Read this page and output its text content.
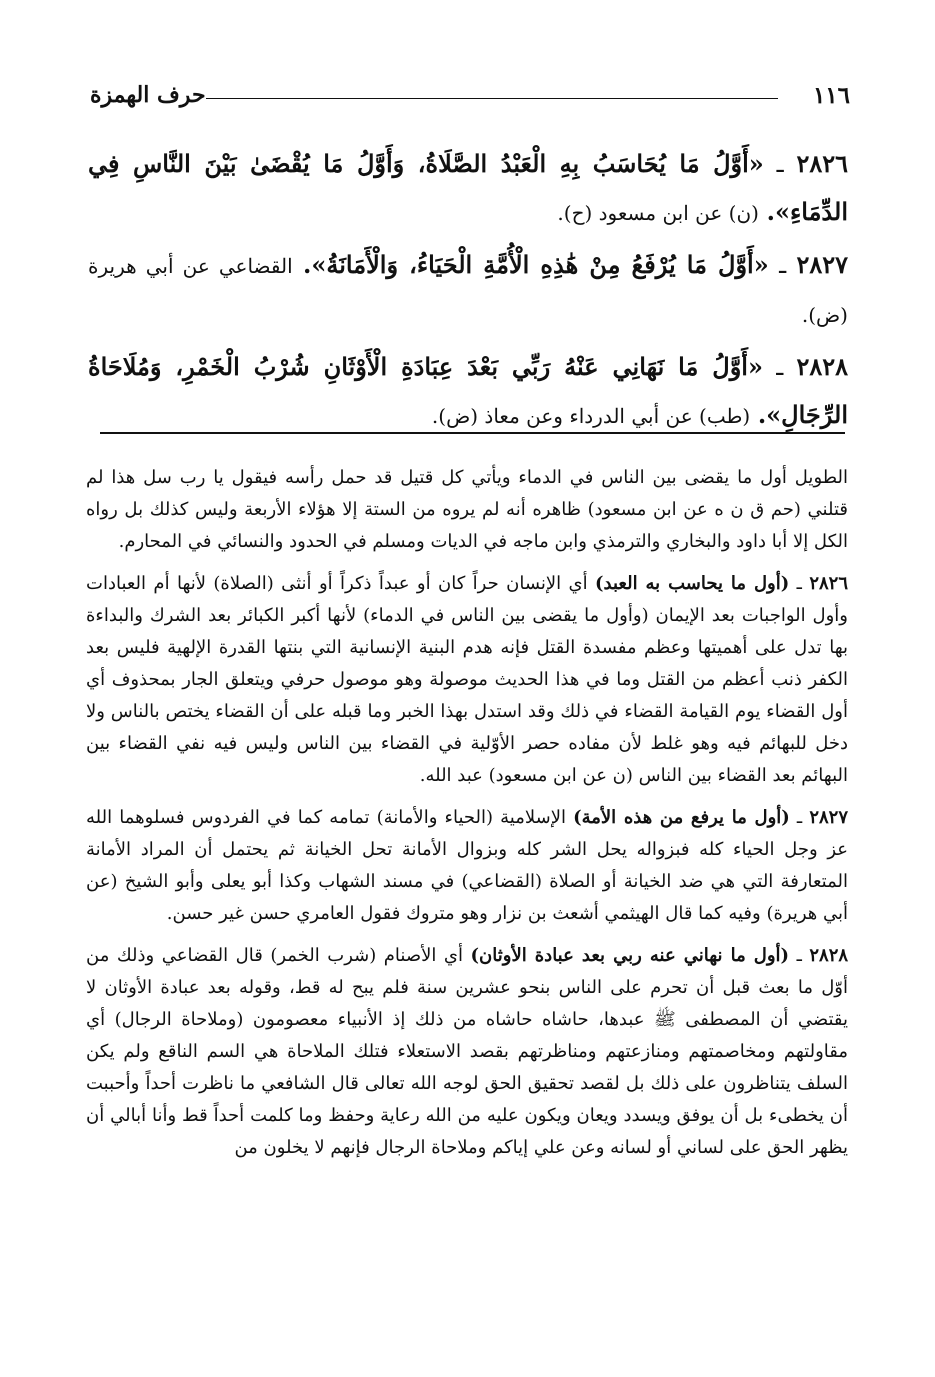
١١٦
حرف الهمزة
٢٨٢٦ ـ «أَوَّلُ مَا يُحَاسَبُ بِهِ الْعَبْدُ الصَّلَاةُ، وَأَوَّلُ مَا يُقْضَىٰ بَيْنَ النَّاسِ فِي الدِّمَاءِ». (ن) عن ابن مسعود (ح).
٢٨٢٧ ـ «أَوَّلُ مَا يُرْفَعُ مِنْ هَٰذِهِ الْأُمَّةِ الْحَيَاءُ، وَالْأَمَانَةُ». القضاعي عن أبي هريرة (ض).
٢٨٢٨ ـ «أَوَّلُ مَا نَهَانِي عَنْهُ رَبِّي بَعْدَ عِبَادَةِ الْأَوْثَانِ شُرْبُ الْخَمْرِ، وَمُلَاحَاةُ الرِّجَالِ». (طب) عن أبي الدرداء وعن معاذ (ض).

الطويل أول ما يقضى بين الناس في الدماء ويأتي كل قتيل قد حمل رأسه فيقول يا رب سل هذا لم قتلني (حم ق ن ه عن ابن مسعود) ظاهره أنه لم يروه من الستة إلا هؤلاء الأربعة وليس كذلك بل رواه الكل إلا أبا داود والبخاري والترمذي وابن ماجه في الديات ومسلم في الحدود والنسائي في المحارم.

٢٨٢٦ ـ (أول ما يحاسب به العبد) أي الإنسان حراً كان أو عبداً ذكراً أو أنثى (الصلاة) لأنها أم العبادات وأول الواجبات بعد الإيمان (وأول ما يقضى بين الناس في الدماء) لأنها أكبر الكبائر بعد الشرك والبداءة بها تدل على أهميتها وعظم مفسدة القتل فإنه هدم البنية الإنسانية التي بنتها القدرة الإلهية فليس بعد الكفر ذنب أعظم من القتل وما في هذا الحديث موصولة وهو موصول حرفي ويتعلق الجار بمحذوف أي أول القضاء يوم القيامة القضاء في ذلك وقد استدل بهذا الخبر وما قبله على أن القضاء يختص بالناس ولا دخل للبهائم فيه وهو غلط لأن مفاده حصر الأوّلية في القضاء بين الناس وليس فيه نفي القضاء بين البهائم بعد القضاء بين الناس (ن عن ابن مسعود) عبد الله.

٢٨٢٧ ـ (أول ما يرفع من هذه الأمة) الإسلامية (الحياء والأمانة) تمامه كما في الفردوس فسلوهما الله عز وجل الحياء كله فبزواله يحل الشر كله وبزوال الأمانة تحل الخيانة ثم يحتمل أن المراد الأمانة المتعارفة التي هي ضد الخيانة أو الصلاة (القضاعي) في مسند الشهاب وكذا أبو يعلى وأبو الشيخ (عن أبي هريرة) وفيه كما قال الهيثمي أشعث بن نزار وهو متروك فقول العامري حسن غير حسن.

٢٨٢٨ ـ (أول ما نهاني عنه ربي بعد عبادة الأوثان) أي الأصنام (شرب الخمر) قال القضاعي وذلك من أوّل ما بعث قبل أن تحرم على الناس بنحو عشرين سنة فلم يبح له قط، وقوله بعد عبادة الأوثان لا يقتضي أن المصطفى ﷺ عبدها، حاشاه حاشاه من ذلك إذ الأنبياء معصومون (وملاحاة الرجال) أي مقاولتهم ومخاصمتهم ومنازعتهم ومناظرتهم بقصد الاستعلاء فتلك الملاحاة هي السم الناقع ولم يكن السلف يتناظرون على ذلك بل لقصد تحقيق الحق لوجه الله تعالى قال الشافعي ما ناظرت أحداً وأحببت أن يخطىء بل أن يوفق ويسدد ويعان ويكون عليه من الله رعاية وحفظ وما كلمت أحداً قط وأنا أبالي أن يظهر الحق على لساني أو لسانه وعن علي إياكم وملاحاة الرجال فإنهم لا يخلون من
